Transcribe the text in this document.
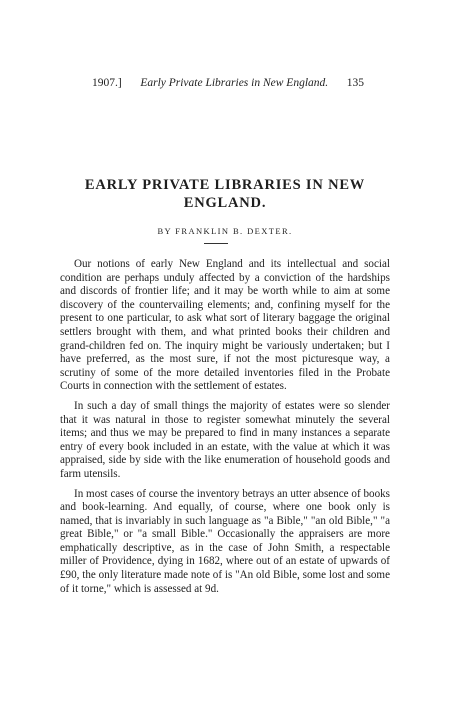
1907.] Early Private Libraries in New England. 135
EARLY PRIVATE LIBRARIES IN NEW ENGLAND.
BY FRANKLIN B. DEXTER.

Our notions of early New England and its intellectual and social condition are perhaps unduly affected by a conviction of the hardships and discords of frontier life; and it may be worth while to aim at some discovery of the countervailing elements; and, confining myself for the present to one particular, to ask what sort of literary baggage the original settlers brought with them, and what printed books their children and grand-children fed on. The inquiry might be variously undertaken; but I have preferred, as the most sure, if not the most picturesque way, a scrutiny of some of the more detailed inventories filed in the Probate Courts in connection with the settlement of estates.

In such a day of small things the majority of estates were so slender that it was natural in those to register somewhat minutely the several items; and thus we may be prepared to find in many instances a separate entry of every book included in an estate, with the value at which it was appraised, side by side with the like enumeration of household goods and farm utensils.

In most cases of course the inventory betrays an utter absence of books and book-learning. And equally, of course, where one book only is named, that is invariably in such language as "a Bible," "an old Bible," "a great Bible," or "a small Bible." Occasionally the appraisers are more emphatically descriptive, as in the case of John Smith, a respectable miller of Providence, dying in 1682, where out of an estate of upwards of £90, the only literature made note of is "An old Bible, some lost and some of it torne," which is assessed at 9d.
